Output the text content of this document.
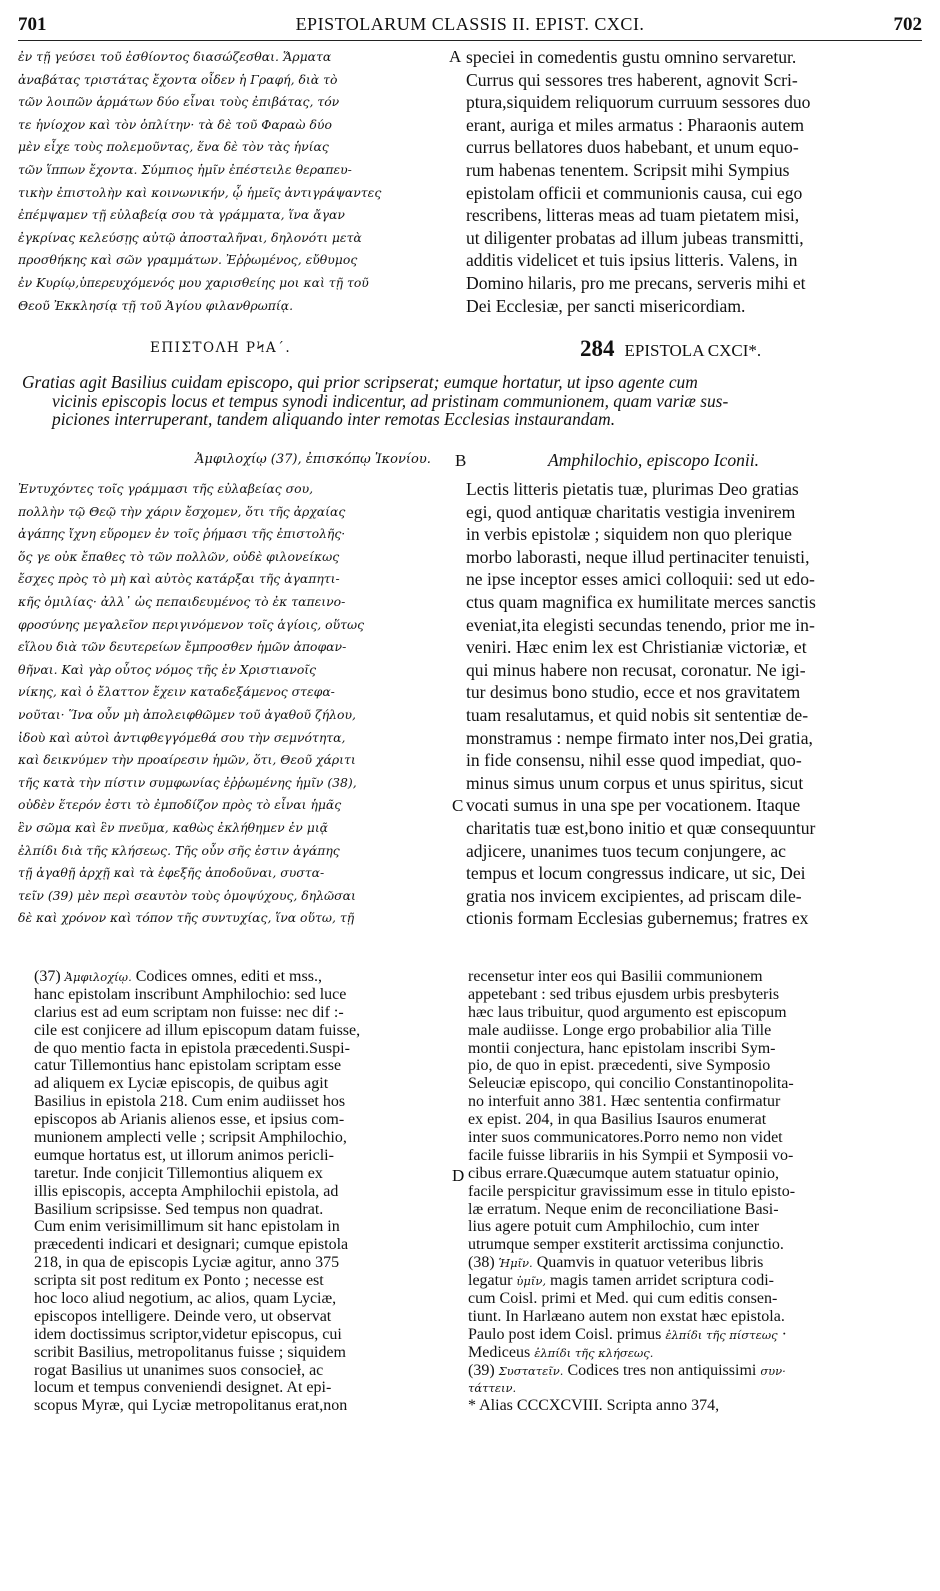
701	EPISTOLARUM CLASSIS II. EPIST. CXCI.	702
ἐν τῇ γεύσει τοῦ ἐσθίοντος διασώζεσθαι. Ἅρματα
ἀναβάτας τριστάτας ἔχοντα οἶδεν ἡ Γραφή, διὰ τὸ
τῶν λοιπῶν ἁρμάτων δύο εἶναι τοὺς ἐπιβάτας, τόν
τε ἡνίοχον καὶ τὸν ὁπλίτην· τὰ δὲ τοῦ Φαραὼ δύο
μὲν εἶχε τοὺς πολεμοῦντας, ἕνα δὲ τὸν τὰς ἡνίας
τῶν ἵππων ἔχοντα. Σύμπιος ἡμῖν ἐπέστειλε θεραπευ-
τικὴν ἐπιστολὴν καὶ κοινωνικήν, ᾧ ἡμεῖς ἀντιγράψαντες
ἐπέμψαμεν τῇ εὐλαβείᾳ σου τὰ γράμματα, ἵνα ἄγαν
ἐγκρίνας κελεύσῃς αὐτῷ ἀποσταλῆναι, δηλονότι μετὰ
προσθήκης καὶ σῶν γραμμάτων. Ἐῤῥωμένος, εὔθυμος
ἐν Κυρίῳ,ὑπερευχόμενός μου χαρισθείης μοι καὶ τῇ τοῦ
Θεοῦ Ἐκκλησίᾳ τῇ τοῦ Ἁγίου φιλανθρωπίᾳ.
speciei in comedentis gustu omnino servaretur.
Currus qui sessores tres haberent, agnovit Scri-
ptura,siquidem reliquorum curruum sessores duo
erant, auriga et miles armatus : Pharaonis autem
currus bellatores duos habebant, et unum equo-
rum habenas tenentem. Scripsit mihi Sympius
epistolam officii et communionis causa, cui ego
rescribens, litteras meas ad tuam pietatem misi,
ut diligenter probatas ad illum jubeas transmitti,
additis videlicet et tuis ipsius litteris. Valens, in
Domino hilaris, pro me precans, serveris mihi et
Dei Ecclesiæ, per sancti misericordiam.
A
ΕΠΙΣΤΟΛΗ ΡϞΑ΄.	284 EPISTOLA CXCI*.
Gratias agit Basilius cuidam episcopo, qui prior scripserat; eumque hortatur, ut ipso agente cum
vicinis episcopis locus et tempus synodi indicentur, ad pristinam communionem, quam variæ sus-
piciones interruperant, tandem aliquando inter remotas Ecclesias instaurandam.
Ἀμφιλοχίῳ (37), ἐπισκόπῳ Ἰκονίου. B	Amphilochio, episcopo Iconii.
Ἐντυχόντες τοῖς γράμμασι τῆς εὐλαβείας σου,
πολλὴν τῷ Θεῷ τὴν χάριν ἔσχομεν, ὅτι τῆς ἀρχαίας
ἀγάπης ἴχνη εὕρομεν ἐν τοῖς ῥήμασι τῆς ἐπιστολῆς·
ὅς γε οὐκ ἔπαθες τὸ τῶν πολλῶν, οὐδὲ φιλονείκως
ἔσχες πρὸς τὸ μὴ καὶ αὐτὸς κατάρξαι τῆς ἀγαπητι-
κῆς ὁμιλίας· ἀλλ᾽ ὡς πεπαιδευμένος τὸ ἐκ ταπεινο-
φροσύνης μεγαλεῖον περιγινόμενον τοῖς ἁγίοις, οὕτως
εἵλου διὰ τῶν δευτερείων ἔμπροσθεν ἡμῶν ἀποφαν-
θῆναι. Καὶ γὰρ οὗτος νόμος τῆς ἐν Χριστιανοῖς
νίκης, καὶ ὁ ἔλαττον ἔχειν καταδεξάμενος στεφα-
νοῦται· Ἵνα οὖν μὴ ἀπολειφθῶμεν τοῦ ἀγαθοῦ ζήλου,
ἰδοὺ καὶ αὐτοὶ ἀντιφθεγγόμεθά σου τὴν σεμνότητα,
καὶ δεικνύμεν τὴν προαίρεσιν ἡμῶν, ὅτι, Θεοῦ χάριτι
τῆς κατὰ τὴν πίστιν συμφωνίας ἐῤῥωμένης ἡμῖν (38),
οὐδὲν ἕτερόν ἐστι τὸ ἐμποδίζον πρὸς τὸ εἶναι ἡμᾶς
ἓν σῶμα καὶ ἓν πνεῦμα, καθὼς ἐκλήθημεν ἐν μιᾷ
ἐλπίδι διὰ τῆς κλήσεως. Τῆς οὖν σῆς ἐστιν ἀγάπης
τῇ ἀγαθῇ ἀρχῇ καὶ τὰ ἐφεξῆς ἀποδοῦναι, συστα-
τεῖν (39) μὲν περὶ σεαυτὸν τοὺς ὁμοψύχους, δηλῶσαι
δὲ καὶ χρόνον καὶ τόπον τῆς συντυχίας, ἵνα οὕτω, τῇ
Lectis litteris pietatis tuæ, plurimas Deo gratias
egi, quod antiquæ charitatis vestigia invenirem
in verbis epistolæ ; siquidem non quo plerique
morbo laborasti, neque illud pertinaciter tenuisti,
ne ipse inceptor esses amici colloquii: sed ut edo-
ctus quam magnifica ex humilitate merces sanctis
eveniat,ita elegisti secundas tenendo, prior me in-
veniri. Hæc enim lex est Christianiæ victoriæ, et
qui minus habere non recusat, coronatur. Ne igi-
tur desimus bono studio, ecce et nos gravitatem
tuam resalutamus, et quid nobis sit sententiæ de-
monstramus : nempe firmato inter nos,Dei gratia,
in fide consensu, nihil esse quod impediat, quo-
minus simus unum corpus et unus spiritus, sicut
vocati sumus in una spe per vocationem. Itaque
charitatis tuæ est,bono initio et quæ consequuntur
adjicere, unanimes tuos tecum conjungere, ac
tempus et locum congressus indicare, ut sic, Dei
gratia nos invicem excipientes, ad priscam dile-
ctionis formam Ecclesias gubernemus; fratres ex
C
(37) Ἀμφιλοχίῳ. Codices omnes, editi et mss.,
hanc epistolam inscribunt Amphilochio: sed luce
clarius est ad eum scriptam non fuisse: nec dif :-
cile est conjicere ad illum episcopum datam fuisse,
de quo mentio facta in epistola præcedenti.Suspi-
catur Tillemontius hanc epistolam scriptam esse
ad aliquem ex Lyciæ episcopis, de quibus agit
Basilius in epistola 218. Cum enim audiisset hos
episcopos ab Arianis alienos esse, et ipsius com-
munionem amplecti velle ; scripsit Amphilochio,
eumque hortatus est, ut illorum animos pericli-
taretur. Inde conjicit Tillemontius aliquem ex
illis episcopis, accepta Amphilochii epistola, ad
Basilium scripsisse. Sed tempus non quadrat.
Cum enim verisimillimum sit hanc epistolam in
præcedenti indicari et designari; cumque epistola
218, in qua de episcopis Lyciæ agitur, anno 375
scripta sit post reditum ex Ponto ; necesse est
hoc loco aliud negotium, ac alios, quam Lyciæ,
episcopos intelligere. Deinde vero, ut observat
idem doctissimus scriptor,videtur episcopus, cui
scribit Basilius, metropolitanus fuisse ; siquidem
rogat Basilius ut unanimes suos consocieł, ac
locum et tempus conveniendi designet. At epi-
scopus Myræ, qui Lyciæ metropolitanus erat,non
recensetur inter eos qui Basilii communionem
appetebant : sed tribus ejusdem urbis presbyteris
hæc laus tribuitur, quod argumento est episcopum
male audiisse. Longe ergo probabilior alia Tille
montii conjectura, hanc epistolam inscribi Sym-
pio, de quo in epist. præcedenti, sive Symposio
Seleuciæ episcopo, qui concilio Constantinopolita-
no interfuit anno 381. Hæc sententia confirmatur
ex epist. 204, in qua Basilius Isauros enumerat
inter suos communicatores.Porro nemo non videt
facile fuisse librariis in his Sympii et Symposii vo-
cibus errare.Quæcumque autem statuatur opinio,
facile perspicitur gravissimum esse in titulo episto-
læ erratum. Neque enim de reconciliatione Basi-
lius agere potuit cum Amphilochio, cum inter
utrumque semper exstiterit arctissima conjunctio.
(38) Ἡμῖν. Quamvis in quatuor veteribus libris
legatur ὑμῖν, magis tamen arridet scriptura codi-
cum Coisl. primi et Med. qui cum editis consen-
tiunt. In Harlæano autem non exstat hæc epistola.
Paulo post idem Coisl. primus ἐλπίδι τῆς πίστεως ·
Mediceus ἐλπίδι τῆς κλήσεως.
(39) Συστατεῖν. Codices tres non antiquissimi συν·
τάττειν.
* Alias CCCXCVIII. Scripta anno 374,
D
